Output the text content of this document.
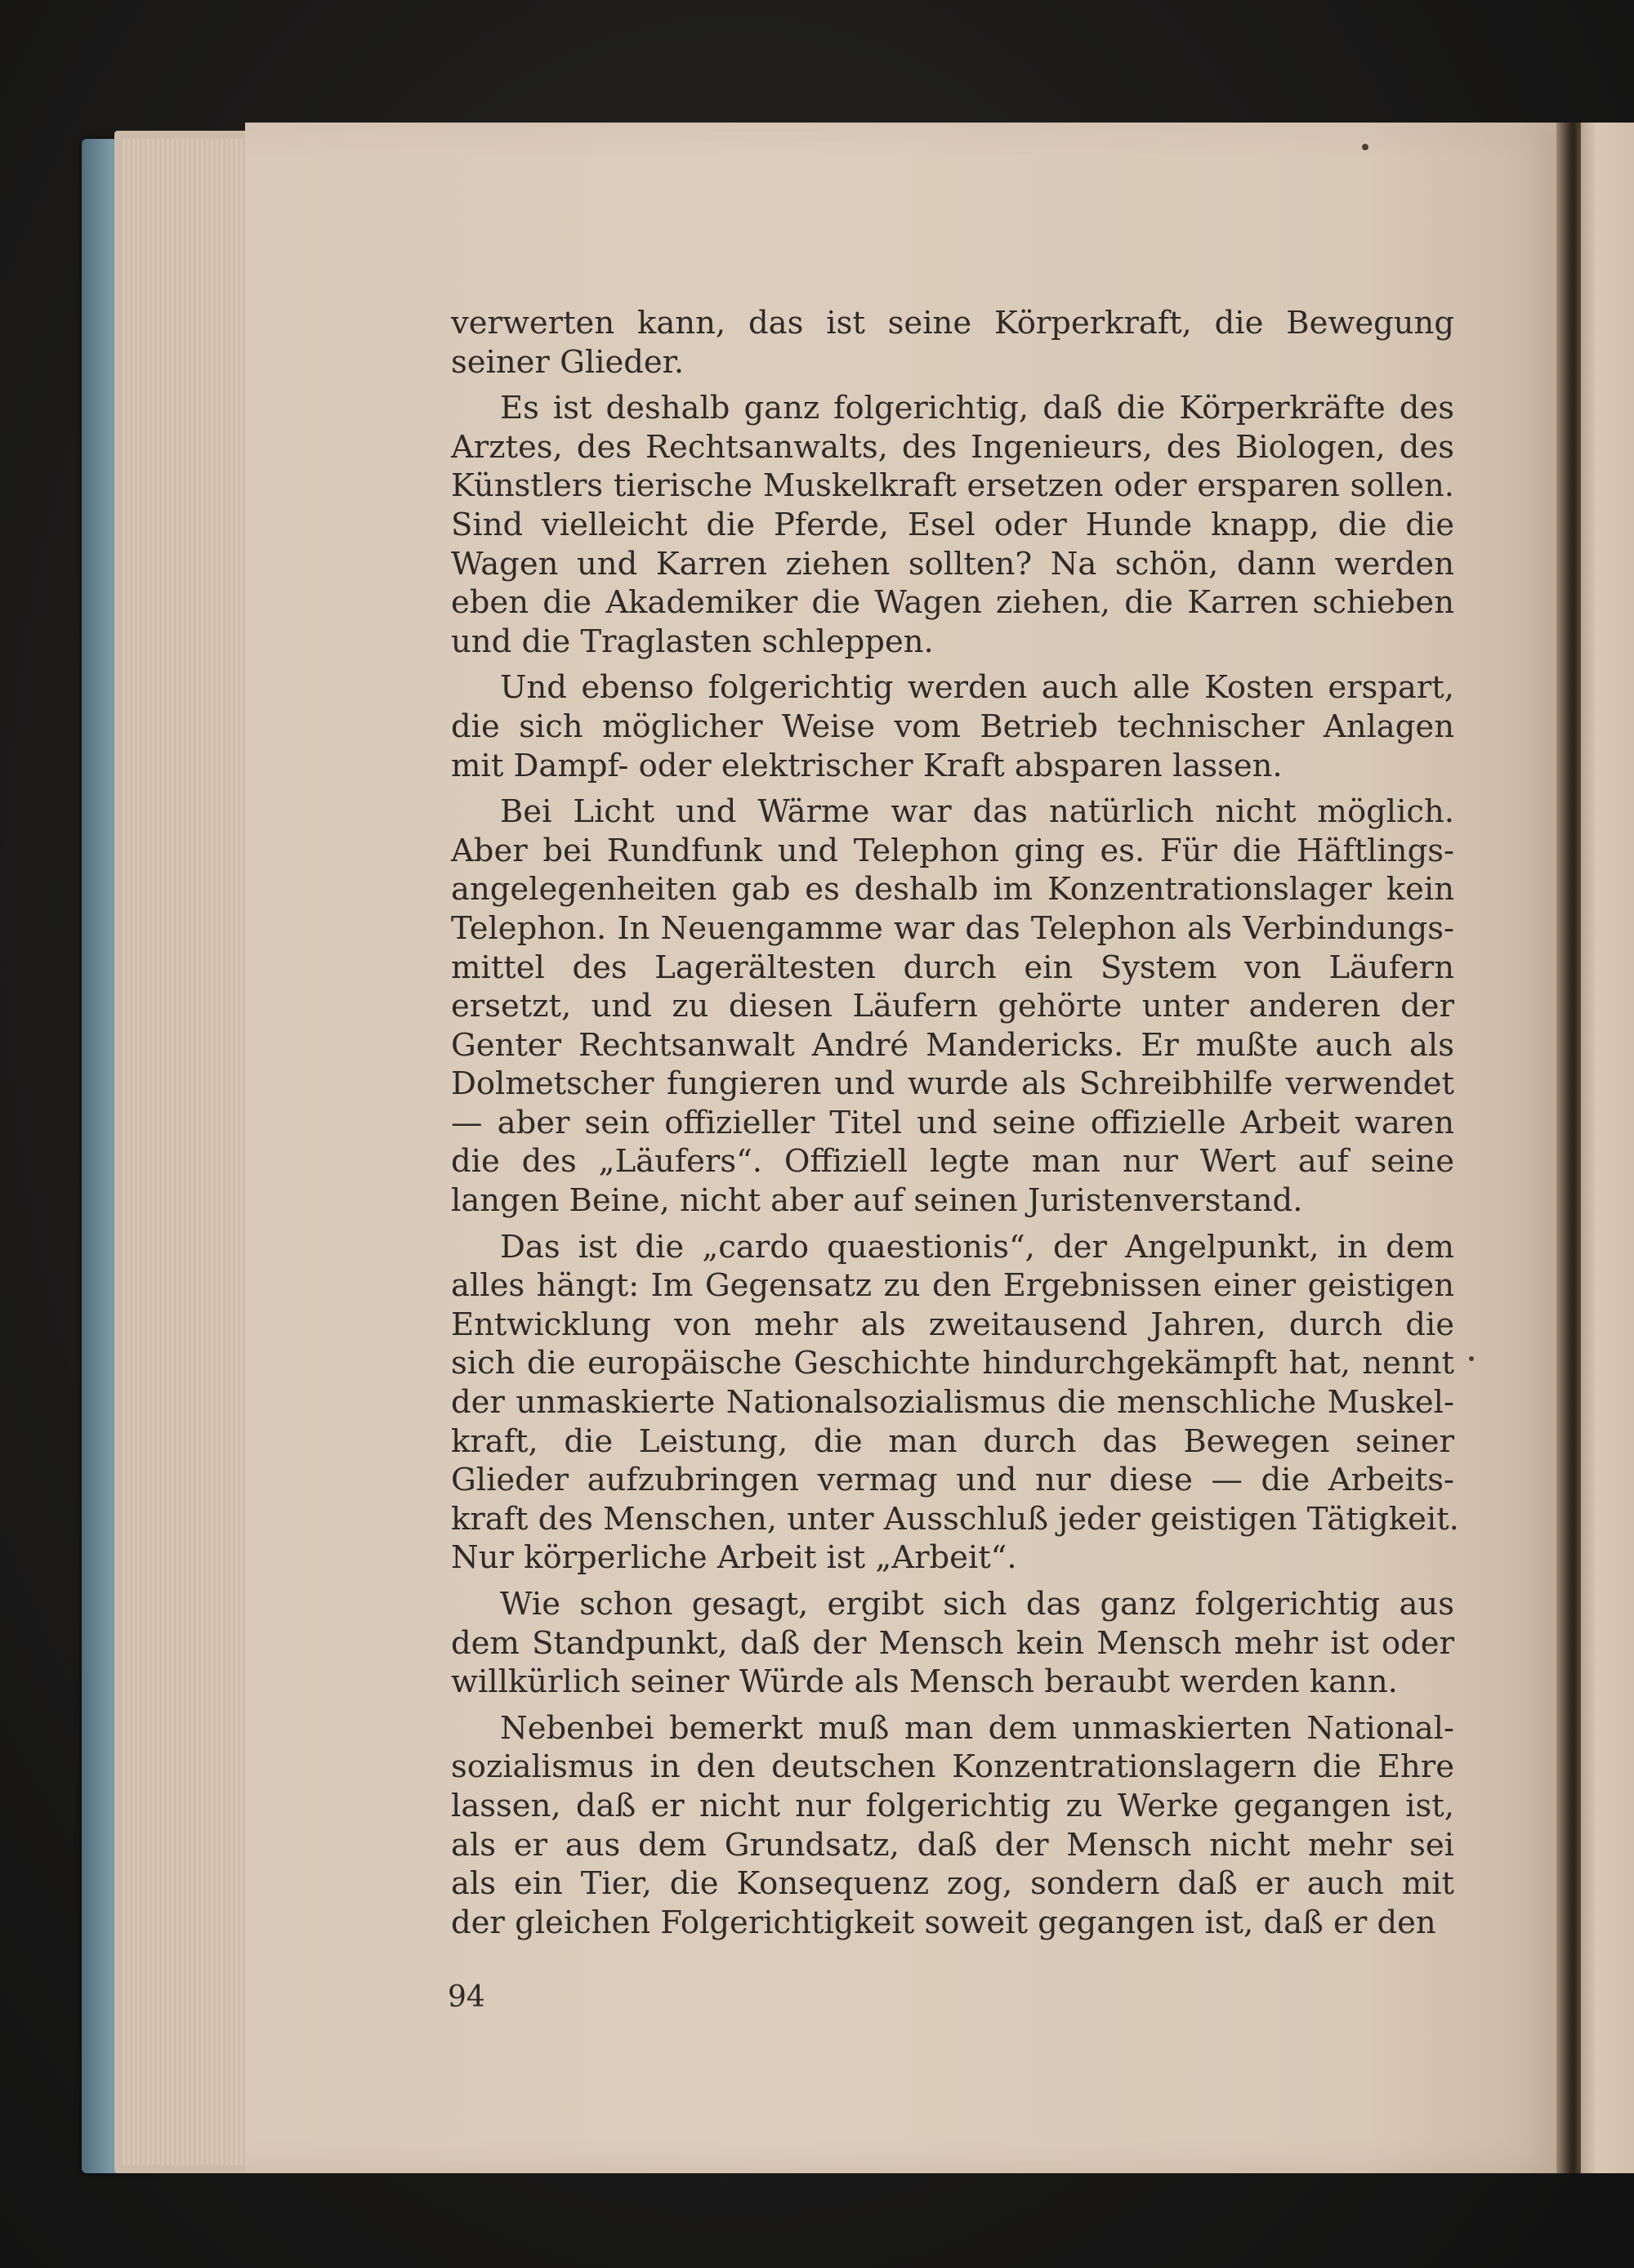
verwerten kann, das ist seine Körperkraft, die Bewegung
seiner Glieder.
Es ist deshalb ganz folgerichtig, daß die Körperkräfte des
Arztes, des Rechtsanwalts, des Ingenieurs, des Biologen, des
Künstlers tierische Muskelkraft ersetzen oder ersparen sollen.
Sind vielleicht die Pferde, Esel oder Hunde knapp, die die
Wagen und Karren ziehen sollten? Na schön, dann werden
eben die Akademiker die Wagen ziehen, die Karren schieben
und die Traglasten schleppen.
Und ebenso folgerichtig werden auch alle Kosten erspart,
die sich möglicher Weise vom Betrieb technischer Anlagen
mit Dampf- oder elektrischer Kraft absparen lassen.
Bei Licht und Wärme war das natürlich nicht möglich.
Aber bei Rundfunk und Telephon ging es. Für die Häftlings-
angelegenheiten gab es deshalb im Konzentrationslager kein
Telephon. In Neuengamme war das Telephon als Verbindungs-
mittel des Lagerältesten durch ein System von Läufern
ersetzt, und zu diesen Läufern gehörte unter anderen der
Genter Rechtsanwalt André Mandericks. Er mußte auch als
Dolmetscher fungieren und wurde als Schreibhilfe verwendet
— aber sein offizieller Titel und seine offizielle Arbeit waren
die des „Läufers“. Offiziell legte man nur Wert auf seine
langen Beine, nicht aber auf seinen Juristenverstand.
Das ist die „cardo quaestionis“, der Angelpunkt, in dem
alles hängt: Im Gegensatz zu den Ergebnissen einer geistigen
Entwicklung von mehr als zweitausend Jahren, durch die
sich die europäische Geschichte hindurchgekämpft hat, nennt
der unmaskierte Nationalsozialismus die menschliche Muskel-
kraft, die Leistung, die man durch das Bewegen seiner
Glieder aufzubringen vermag und nur diese — die Arbeits-
kraft des Menschen, unter Ausschluß jeder geistigen Tätigkeit.
Nur körperliche Arbeit ist „Arbeit“.
Wie schon gesagt, ergibt sich das ganz folgerichtig aus
dem Standpunkt, daß der Mensch kein Mensch mehr ist oder
willkürlich seiner Würde als Mensch beraubt werden kann.
Nebenbei bemerkt muß man dem unmaskierten National-
sozialismus in den deutschen Konzentrationslagern die Ehre
lassen, daß er nicht nur folgerichtig zu Werke gegangen ist,
als er aus dem Grundsatz, daß der Mensch nicht mehr sei
als ein Tier, die Konsequenz zog, sondern daß er auch mit
der gleichen Folgerichtigkeit soweit gegangen ist, daß er den
94
